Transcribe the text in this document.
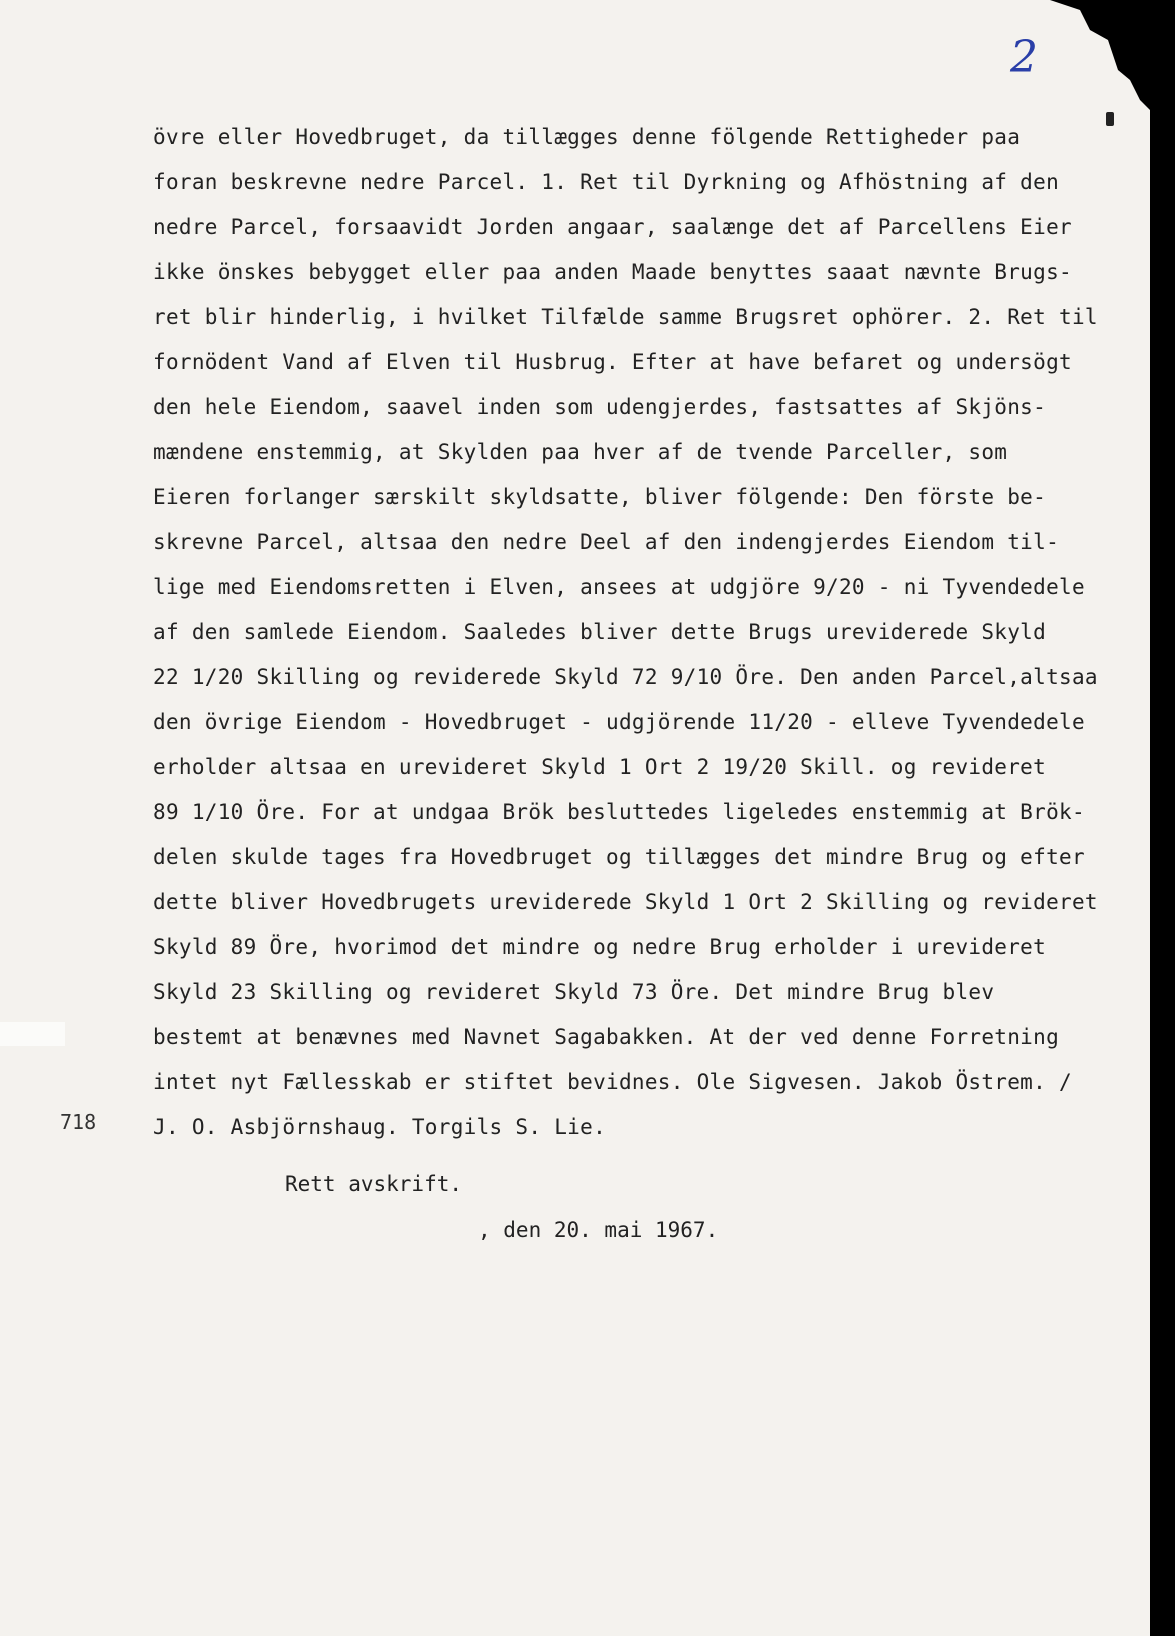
2
övre eller Hovedbruget, da tillægges denne fölgende Rettigheder paa
foran beskrevne nedre Parcel. 1. Ret til Dyrkning og Afhöstning af den
nedre Parcel, forsaavidt Jorden angaar, saalænge det af Parcellens Eier
ikke önskes bebygget eller paa anden Maade benyttes saaat nævnte Brugs-
ret blir hinderlig, i hvilket Tilfælde samme Brugsret ophörer. 2. Ret til
fornödent Vand af Elven til Husbrug. Efter at have befaret og undersögt
den hele Eiendom, saavel inden som udengjerdes, fastsattes af Skjöns-
mændene enstemmig, at Skylden paa hver af de tvende Parceller, som
Eieren forlanger særskilt skyldsatte, bliver fölgende: Den förste be-
skrevne Parcel, altsaa den nedre Deel af den indengjerdes Eiendom til-
lige med Eiendomsretten i Elven, ansees at udgjöre 9/20 - ni Tyvendedele
af den samlede Eiendom. Saaledes bliver dette Brugs ureviderede Skyld
22 1/20 Skilling og reviderede Skyld 72 9/10 Öre. Den anden Parcel,altsaa
den övrige Eiendom - Hovedbruget - udgjörende 11/20 - elleve Tyvendedele
erholder altsaa en urevideret Skyld 1 Ort 2 19/20 Skill. og revideret
89 1/10 Öre. For at undgaa Brök besluttedes ligeledes enstemmig at Brök-
delen skulde tages fra Hovedbruget og tillægges det mindre Brug og efter
dette bliver Hovedbrugets ureviderede Skyld 1 Ort 2 Skilling og revideret
Skyld 89 Öre, hvorimod det mindre og nedre Brug erholder i urevideret
Skyld 23 Skilling og revideret Skyld 73 Öre. Det mindre Brug blev
bestemt at benævnes med Navnet Sagabakken. At der ved denne Forretning
intet nyt Fællesskab er stiftet bevidnes. Ole Sigvesen. Jakob Östrem. /
J. O. Asbjörnshaug. Torgils S. Lie.
718
Rett avskrift.
, den 20. mai 1967.
